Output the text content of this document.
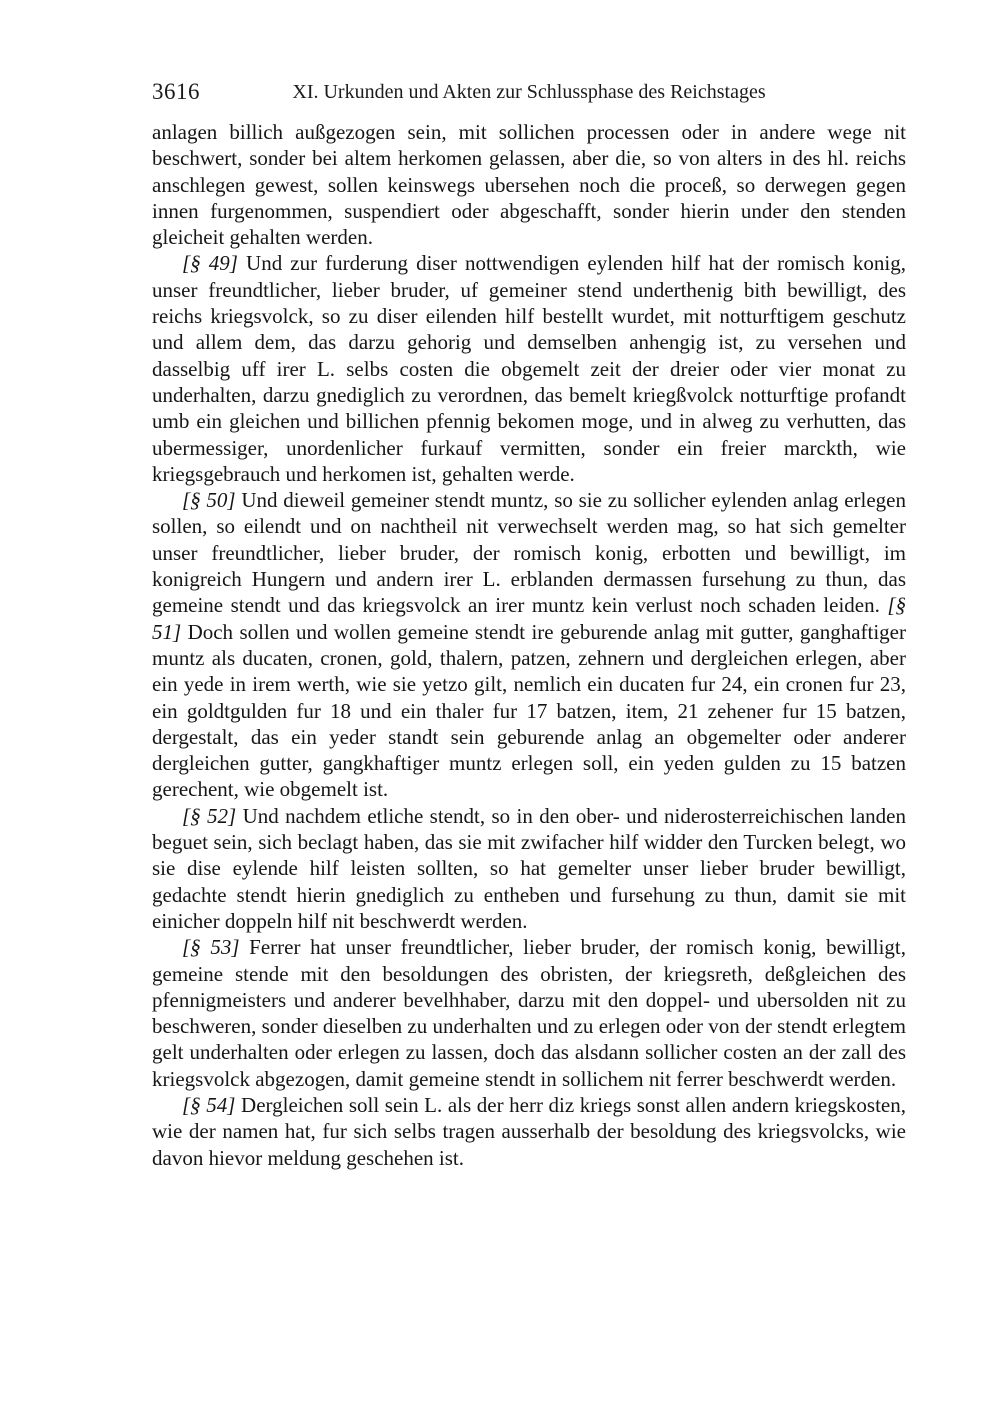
3616	XI. Urkunden und Akten zur Schlussphase des Reichstages

anlagen billich außgezogen sein, mit sollichen processen oder in andere wege nit beschwert, sonder bei altem herkomen gelassen, aber die, so von alters in des hl. reichs anschlegen gewest, sollen keinswegs ubersehen noch die proceß, so derwegen gegen innen furgenommen, suspendiert oder abgeschafft, sonder hierin under den stenden gleicheit gehalten werden.

[§ 49] Und zur furderung diser nottwendigen eylenden hilf hat der romisch konig, unser freundtlicher, lieber bruder, uf gemeiner stend underthenig bith bewilligt, des reichs kriegsvolck, so zu diser eilenden hilf bestellt wurdet, mit notturftigem geschutz und allem dem, das darzu gehorig und demselben anhengig ist, zu versehen und dasselbig uff irer L. selbs costen die obgemelt zeit der dreier oder vier monat zu underhalten, darzu gnediglich zu verordnen, das bemelt kriegßvolck notturftige profandt umb ein gleichen und billichen pfennig bekomen moge, und in alweg zu verhutten, das ubermessiger, unordenlicher furkauf vermitten, sonder ein freier marckth, wie kriegsgebrauch und herkomen ist, gehalten werde.

[§ 50] Und dieweil gemeiner stendt muntz, so sie zu sollicher eylenden anlag erlegen sollen, so eilendt und on nachtheil nit verwechselt werden mag, so hat sich gemelter unser freundtlicher, lieber bruder, der romisch konig, erbotten und bewilligt, im konigreich Hungern und andern irer L. erblanden dermassen fursehung zu thun, das gemeine stendt und das kriegsvolck an irer muntz kein verlust noch schaden leiden. [§ 51] Doch sollen und wollen gemeine stendt ire geburende anlag mit gutter, ganghaftiger muntz als ducaten, cronen, gold, thalern, patzen, zehnern und dergleichen erlegen, aber ein yede in irem werth, wie sie yetzo gilt, nemlich ein ducaten fur 24, ein cronen fur 23, ein goldtgulden fur 18 und ein thaler fur 17 batzen, item, 21 zehener fur 15 batzen, dergestalt, das ein yeder standt sein geburende anlag an obgemelter oder anderer dergleichen gutter, gangkhaftiger muntz erlegen soll, ein yeden gulden zu 15 batzen gerechent, wie obgemelt ist.

[§ 52] Und nachdem etliche stendt, so in den ober- und niderosterreichischen landen beguet sein, sich beclagt haben, das sie mit zwifacher hilf widder den Turcken belegt, wo sie dise eylende hilf leisten sollten, so hat gemelter unser lieber bruder bewilligt, gedachte stendt hierin gnediglich zu entheben und fursehung zu thun, damit sie mit einicher doppeln hilf nit beschwerdt werden.

[§ 53] Ferrer hat unser freundtlicher, lieber bruder, der romisch konig, bewilligt, gemeine stende mit den besoldungen des obristen, der kriegsreth, deßgleichen des pfennigmeisters und anderer bevelhhaber, darzu mit den doppel- und ubersolden nit zu beschweren, sonder dieselben zu underhalten und zu erlegen oder von der stendt erlegtem gelt underhalten oder erlegen zu lassen, doch das alsdann sollicher costen an der zall des kriegsvolck abgezogen, damit gemeine stendt in sollichem nit ferrer beschwerdt werden.

[§ 54] Dergleichen soll sein L. als der herr diz kriegs sonst allen andern kriegskosten, wie der namen hat, fur sich selbs tragen ausserhalb der besoldung des kriegsvolcks, wie davon hievor meldung geschehen ist.
